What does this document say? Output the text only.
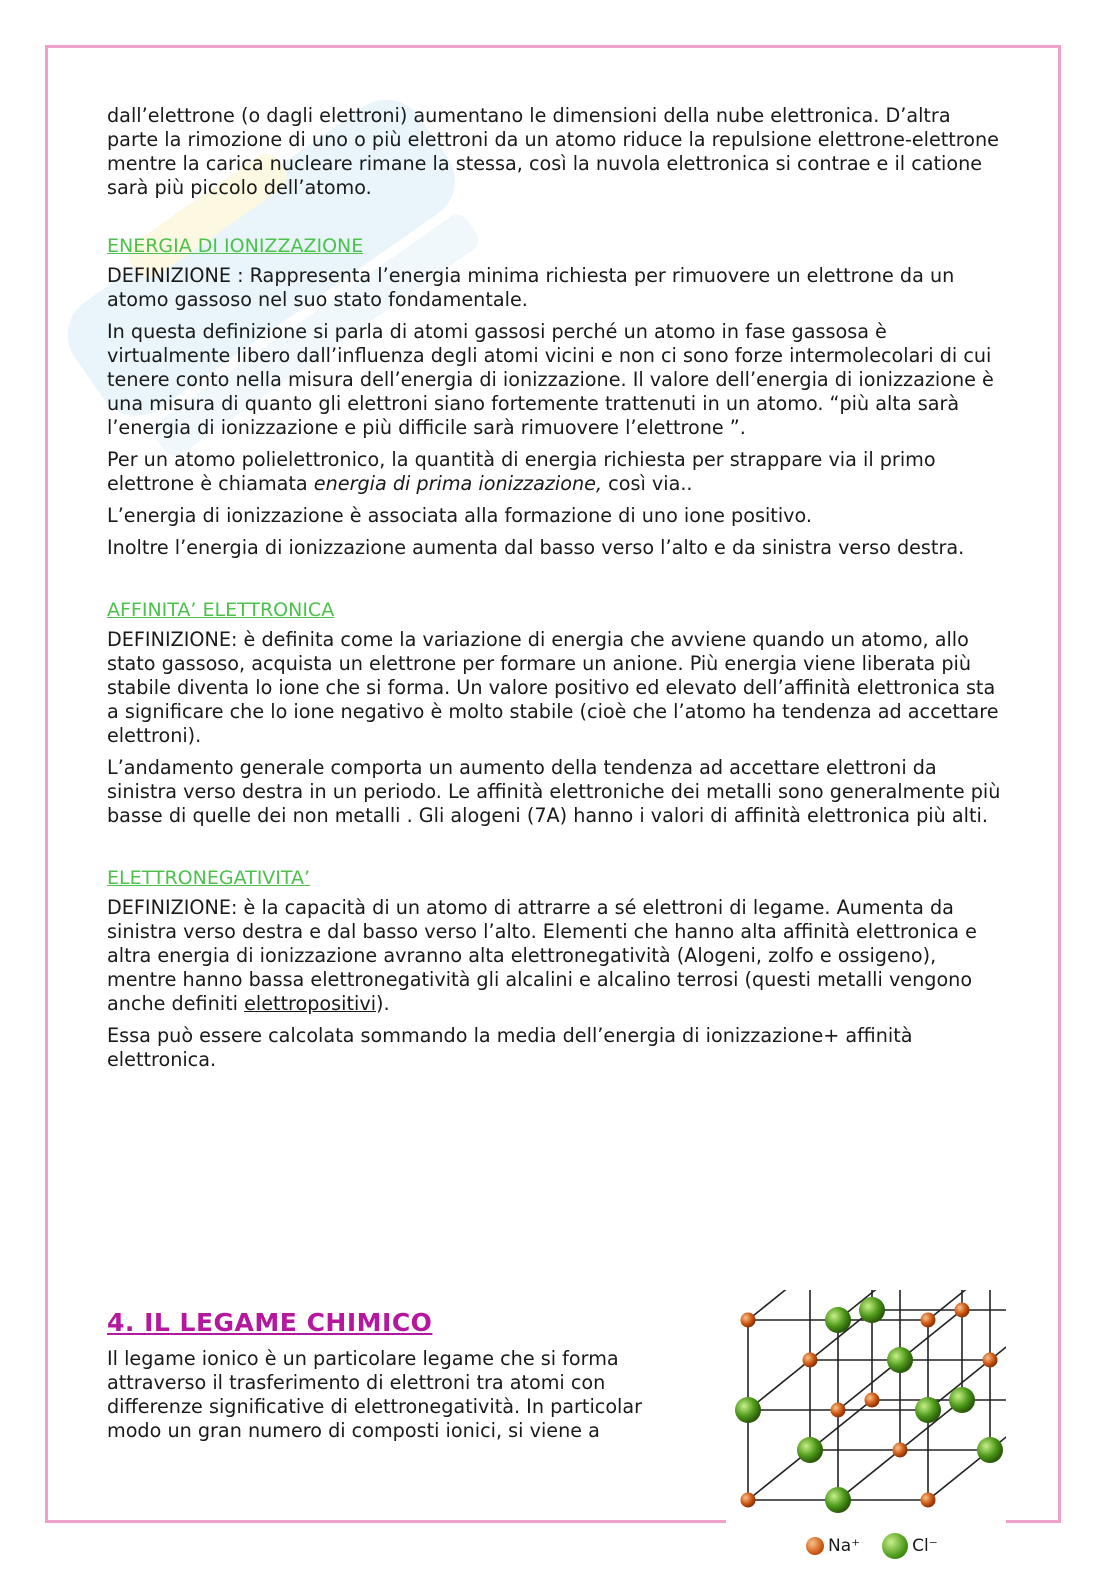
dall’elettrone (o dagli elettroni) aumentano le dimensioni della nube elettronica. D’altra parte la rimozione di uno o più elettroni da un atomo riduce la repulsione elettrone-elettrone mentre la carica nucleare rimane la stessa, così la nuvola elettronica si contrae e il catione sarà più piccolo dell’atomo.

ENERGIA DI IONIZZAZIONE

DEFINIZIONE : Rappresenta l’energia minima richiesta per rimuovere un elettrone da un atomo gassoso nel suo stato fondamentale.

In questa definizione si parla di atomi gassosi perché un atomo in fase gassosa è virtualmente libero dall’influenza degli atomi vicini e non ci sono forze intermolecolari di cui tenere conto nella misura dell’energia di ionizzazione. Il valore dell’energia di ionizzazione è una misura di quanto gli elettroni siano fortemente trattenuti in un atomo. “più alta sarà l’energia di ionizzazione e più difficile sarà rimuovere l’elettrone ”.

Per un atomo polielettronico, la quantità di energia richiesta per strappare via il primo elettrone è chiamata energia di prima ionizzazione, così via..

L’energia di ionizzazione è associata alla formazione di uno ione positivo.

Inoltre l’energia di ionizzazione aumenta dal basso verso l’alto e da sinistra verso destra.

AFFINITA’ ELETTRONICA

DEFINIZIONE: è definita come la variazione di energia che avviene quando un atomo, allo stato gassoso, acquista un elettrone per formare un anione. Più energia viene liberata più stabile diventa lo ione che si forma. Un valore positivo ed elevato dell’affinità elettronica sta a significare che lo ione negativo è molto stabile (cioè che l’atomo ha tendenza ad accettare elettroni).

L’andamento generale comporta un aumento della tendenza ad accettare elettroni da sinistra verso destra in un periodo. Le affinità elettroniche dei metalli sono generalmente più basse di quelle dei non metalli . Gli alogeni (7A) hanno i valori di affinità elettronica più alti.

ELETTRONEGATIVITA’

DEFINIZIONE: è la capacità di un atomo di attrarre a sé elettroni di legame. Aumenta da sinistra verso destra e dal basso verso l’alto. Elementi che hanno alta affinità elettronica e altra energia di ionizzazione avranno alta elettronegatività (Alogeni, zolfo e ossigeno), mentre hanno bassa elettronegatività gli alcalini e alcalino terrosi (questi metalli vengono anche definiti elettropositivi).

Essa può essere calcolata sommando la media dell’energia di ionizzazione+ affinità elettronica.

4. IL LEGAME CHIMICO

Il legame ionico è un particolare legame che si forma attraverso il trasferimento di elettroni tra atomi con differenze significative di elettronegatività. In particolar modo un gran numero di composti ionici, si viene a

Na⁺	Cl⁻
